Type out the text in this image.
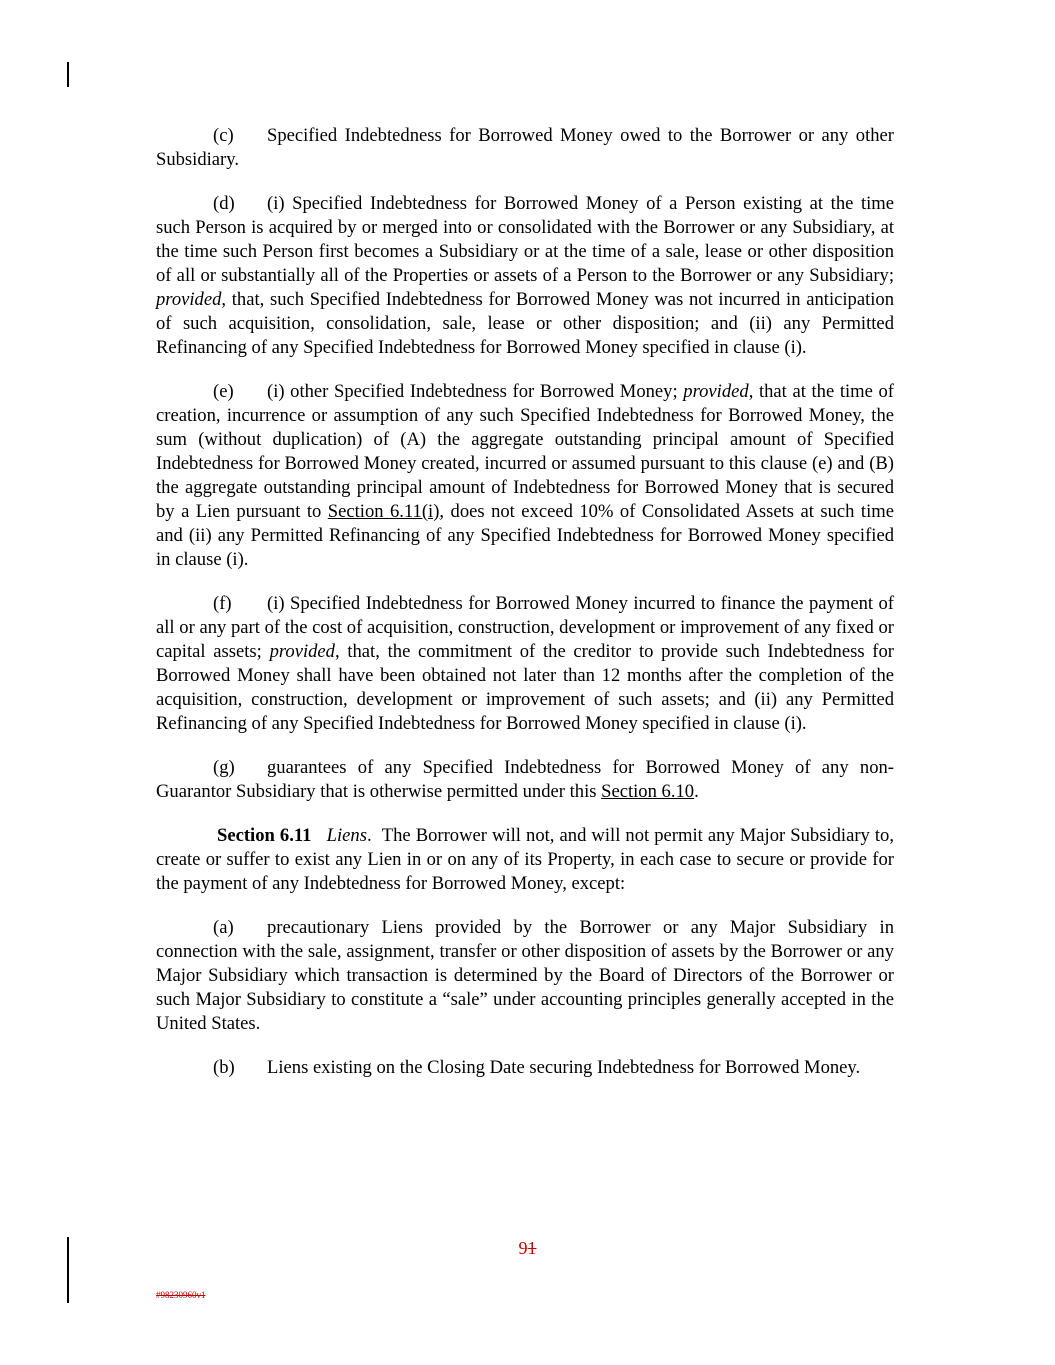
(c) Specified Indebtedness for Borrowed Money owed to the Borrower or any other Subsidiary.

(d) (i) Specified Indebtedness for Borrowed Money of a Person existing at the time such Person is acquired by or merged into or consolidated with the Borrower or any Subsidiary, at the time such Person first becomes a Subsidiary or at the time of a sale, lease or other disposition of all or substantially all of the Properties or assets of a Person to the Borrower or any Subsidiary; provided, that, such Specified Indebtedness for Borrowed Money was not incurred in anticipation of such acquisition, consolidation, sale, lease or other disposition; and (ii) any Permitted Refinancing of any Specified Indebtedness for Borrowed Money specified in clause (i).

(e) (i) other Specified Indebtedness for Borrowed Money; provided, that at the time of creation, incurrence or assumption of any such Specified Indebtedness for Borrowed Money, the sum (without duplication) of (A) the aggregate outstanding principal amount of Specified Indebtedness for Borrowed Money created, incurred or assumed pursuant to this clause (e) and (B) the aggregate outstanding principal amount of Indebtedness for Borrowed Money that is secured by a Lien pursuant to Section 6.11(i), does not exceed 10% of Consolidated Assets at such time and (ii) any Permitted Refinancing of any Specified Indebtedness for Borrowed Money specified in clause (i).

(f) (i) Specified Indebtedness for Borrowed Money incurred to finance the payment of all or any part of the cost of acquisition, construction, development or improvement of any fixed or capital assets; provided, that, the commitment of the creditor to provide such Indebtedness for Borrowed Money shall have been obtained not later than 12 months after the completion of the acquisition, construction, development or improvement of such assets; and (ii) any Permitted Refinancing of any Specified Indebtedness for Borrowed Money specified in clause (i).

(g) guarantees of any Specified Indebtedness for Borrowed Money of any non-Guarantor Subsidiary that is otherwise permitted under this Section 6.10.

Section 6.11 Liens. The Borrower will not, and will not permit any Major Subsidiary to, create or suffer to exist any Lien in or on any of its Property, in each case to secure or provide for the payment of any Indebtedness for Borrowed Money, except:

(a) precautionary Liens provided by the Borrower or any Major Subsidiary in connection with the sale, assignment, transfer or other disposition of assets by the Borrower or any Major Subsidiary which transaction is determined by the Board of Directors of the Borrower or such Major Subsidiary to constitute a “sale” under accounting principles generally accepted in the United States.

(b) Liens existing on the Closing Date securing Indebtedness for Borrowed Money.

91
#98230960v1
